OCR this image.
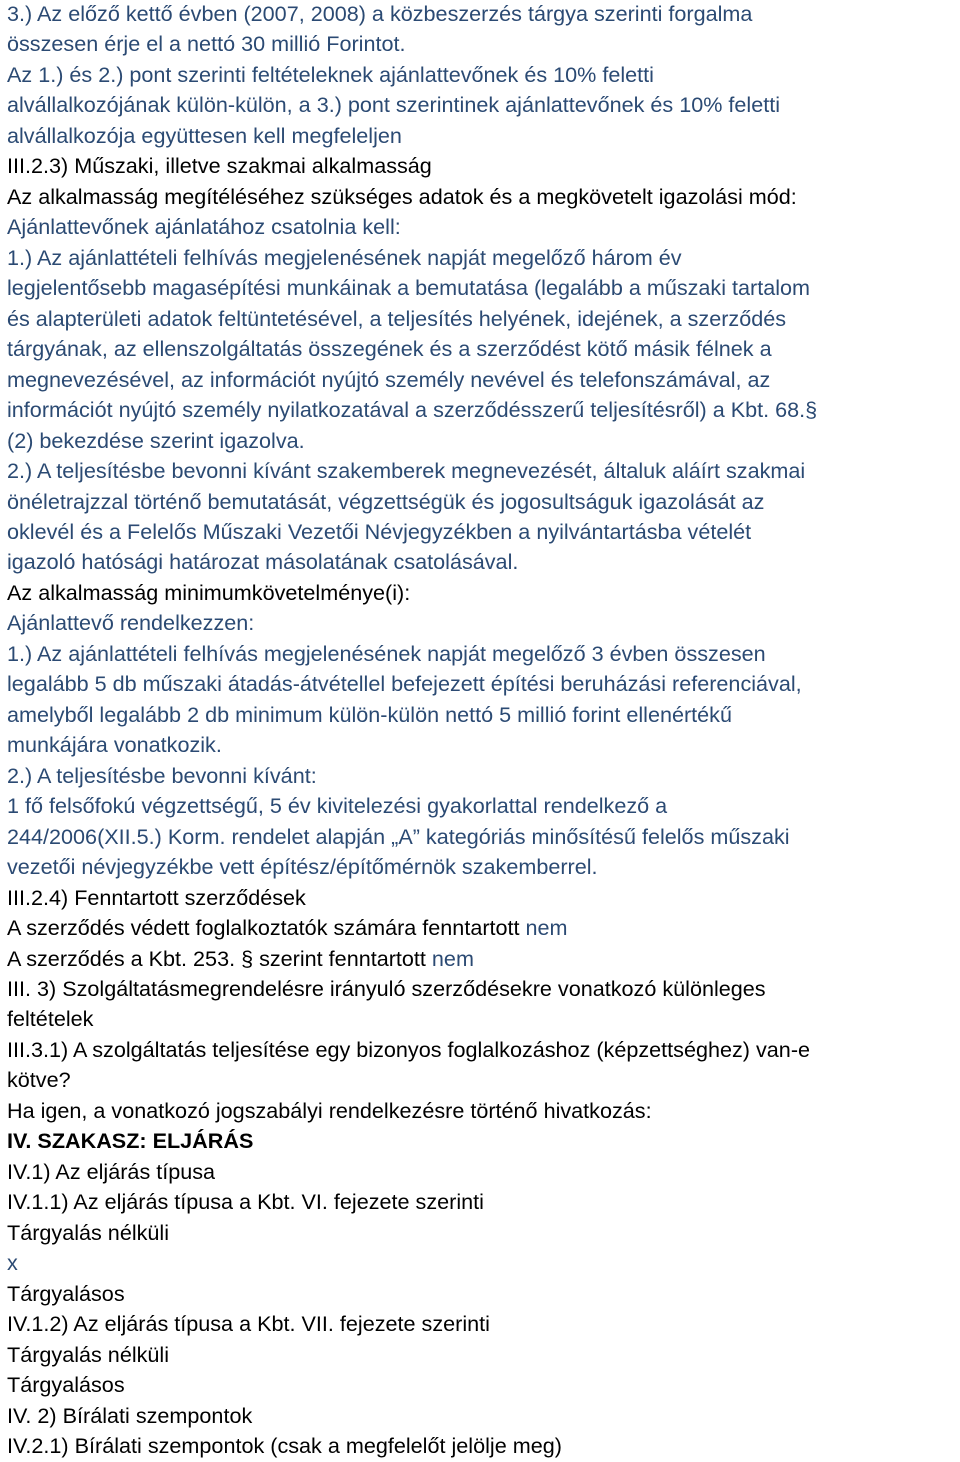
3.) Az előző kettő évben (2007, 2008) a közbeszerzés tárgya szerinti forgalma
összesen érje el a nettó 30 millió Forintot.
Az 1.) és 2.) pont szerinti feltételeknek ajánlattevőnek és 10% feletti
alvállalkozójának külön-külön, a 3.) pont szerintinek ajánlattevőnek és 10% feletti
alvállalkozója együttesen kell megfeleljen
III.2.3) Műszaki, illetve szakmai alkalmasság
Az alkalmasság megítéléséhez szükséges adatok és a megkövetelt igazolási mód:
Ajánlattevőnek ajánlatához csatolnia kell:
1.) Az ajánlattételi felhívás megjelenésének napját megelőző három év
legjelentősebb magasépítési munkáinak a bemutatása (legalább a műszaki tartalom
és alapterületi adatok feltüntetésével, a teljesítés helyének, idejének, a szerződés
tárgyának, az ellenszolgáltatás összegének és a szerződést kötő másik félnek a
megnevezésével, az információt nyújtó személy nevével és telefonszámával, az
információt nyújtó személy nyilatkozatával a szerződésszerű teljesítésről) a Kbt. 68.§
(2) bekezdése szerint igazolva.
2.) A teljesítésbe bevonni kívánt szakemberek megnevezését, általuk aláírt szakmai
önéletrajzzal történő bemutatását, végzettségük és jogosultságuk igazolását az
oklevél és a Felelős Műszaki Vezetői Névjegyzékben a nyilvántartásba vételét
igazoló hatósági határozat másolatának csatolásával.
Az alkalmasság minimumkövetelménye(i):
Ajánlattevő rendelkezzen:
1.) Az ajánlattételi felhívás megjelenésének napját megelőző 3 évben összesen
legalább 5 db műszaki átadás-átvétellel befejezett építési beruházási referenciával,
amelyből legalább 2 db minimum külön-külön nettó 5 millió forint ellenértékű
munkájára vonatkozik.
2.) A teljesítésbe bevonni kívánt:
1 fő felsőfokú végzettségű, 5 év kivitelezési gyakorlattal rendelkező a
244/2006(XII.5.) Korm. rendelet alapján „A” kategóriás minősítésű felelős műszaki
vezetői névjegyzékbe vett építész/építőmérnök szakemberrel.
III.2.4) Fenntartott szerződések
A szerződés védett foglalkoztatók számára fenntartott nem
A szerződés a Kbt. 253. § szerint fenntartott nem
III. 3) Szolgáltatásmegrendelésre irányuló szerződésekre vonatkozó különleges
feltételek
III.3.1) A szolgáltatás teljesítése egy bizonyos foglalkozáshoz (képzettséghez) van-e
kötve?
Ha igen, a vonatkozó jogszabályi rendelkezésre történő hivatkozás:
IV. SZAKASZ: ELJÁRÁS
IV.1) Az eljárás típusa
IV.1.1) Az eljárás típusa a Kbt. VI. fejezete szerinti
Tárgyalás nélküli
x
Tárgyalásos
IV.1.2) Az eljárás típusa a Kbt. VII. fejezete szerinti
Tárgyalás nélküli
Tárgyalásos
IV. 2) Bírálati szempontok
IV.2.1) Bírálati szempontok (csak a megfelelőt jelölje meg)
